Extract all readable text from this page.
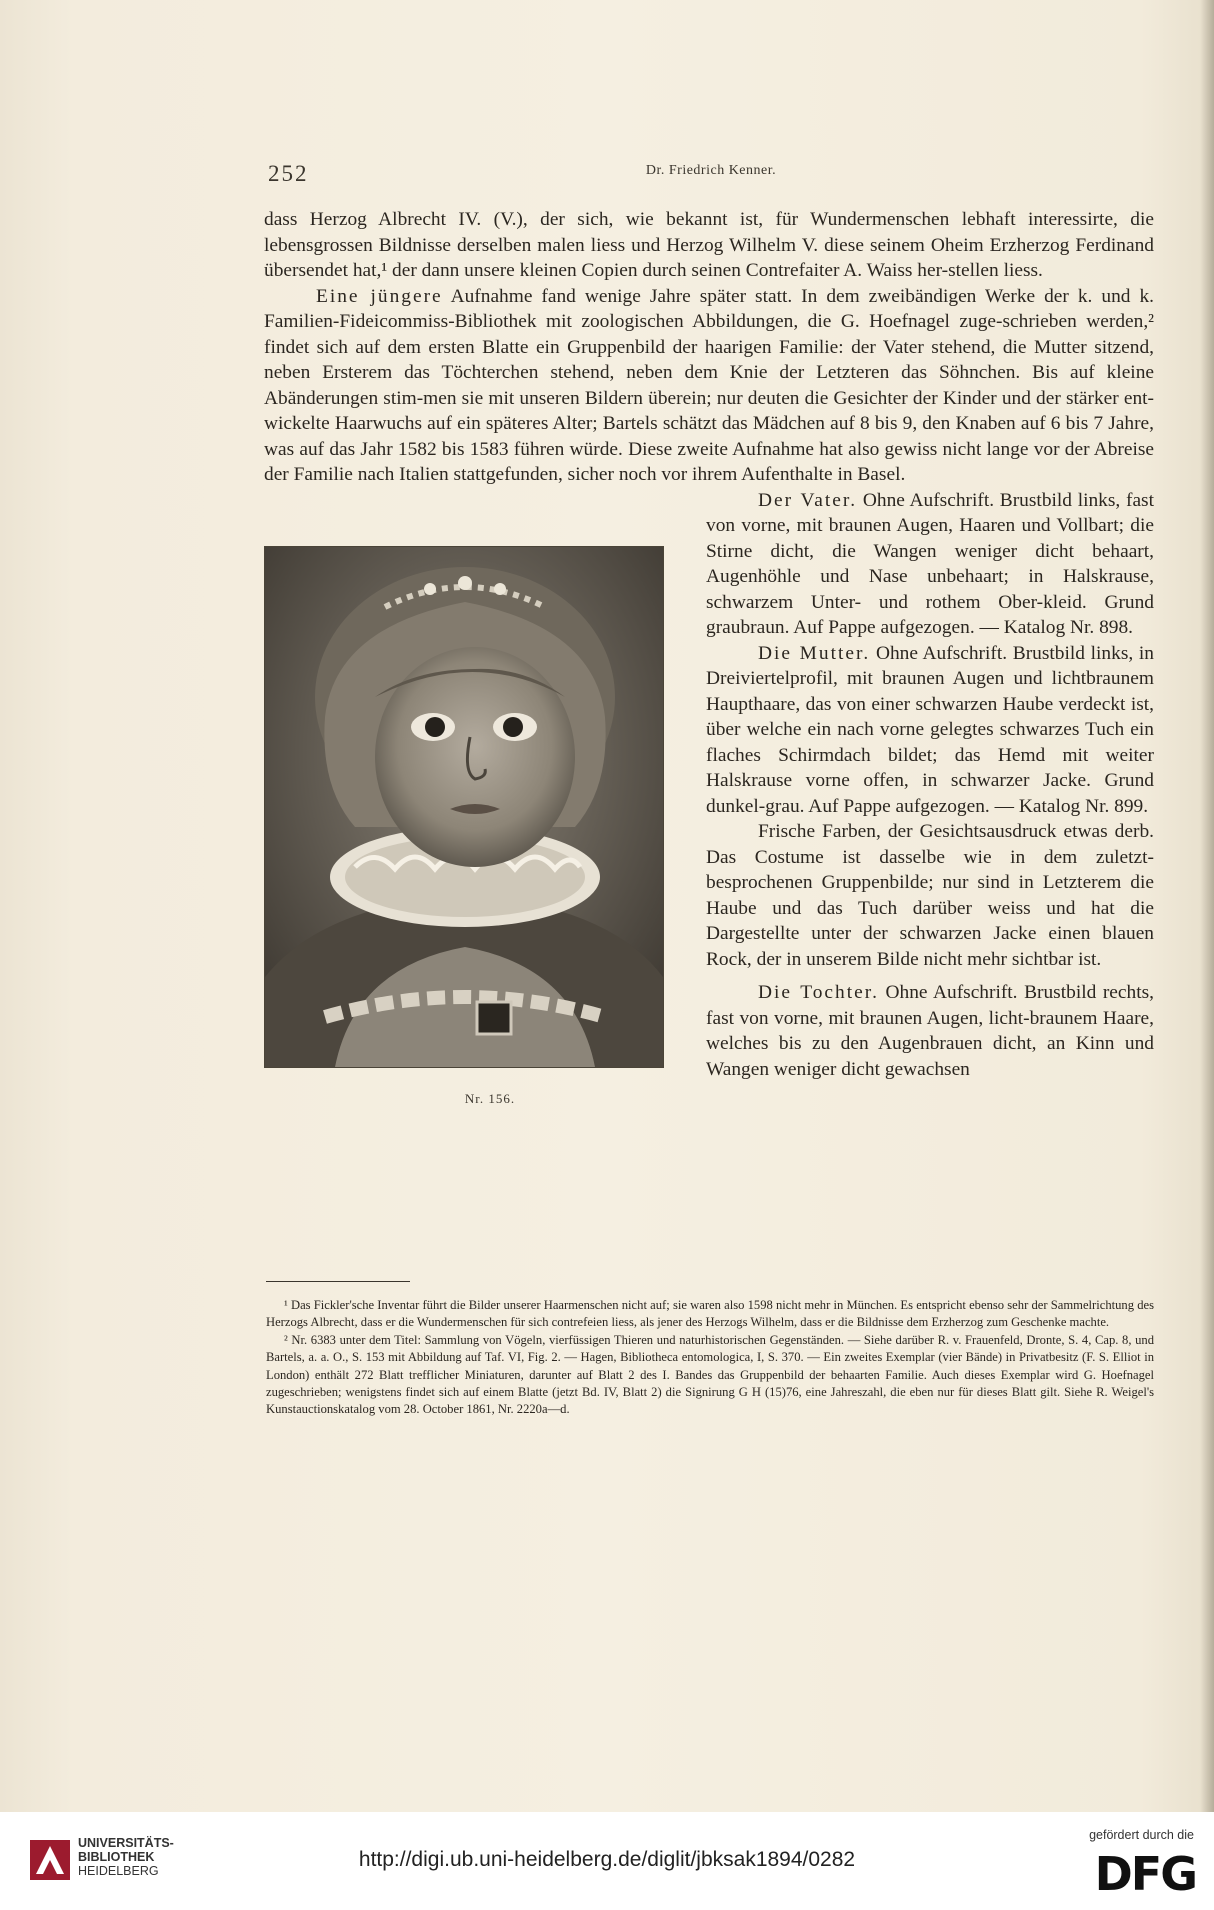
252	Dr. Friedrich Kenner.

dass Herzog Albrecht IV. (V.), der sich, wie bekannt ist, für Wundermenschen lebhaft interessirte, die lebensgrossen Bildnisse derselben malen liess und Herzog Wilhelm V. diese seinem Oheim Erzherzog Ferdinand übersendet hat,¹ der dann unsere kleinen Copien durch seinen Contrefaiter A. Waiss her-stellen liess.

Eine jüngere Aufnahme fand wenige Jahre später statt. In dem zweibändigen Werke der k. und k. Familien-Fideicommiss-Bibliothek mit zoologischen Abbildungen, die G. Hoefnagel zuge-schrieben werden,² findet sich auf dem ersten Blatte ein Gruppenbild der haarigen Familie: der Vater stehend, die Mutter sitzend, neben Ersterem das Töchterchen stehend, neben dem Knie der Letzteren das Söhnchen. Bis auf kleine Abänderungen stim-men sie mit unseren Bildern überein; nur deuten die Gesichter der Kinder und der stärker ent-wickelte Haarwuchs auf ein späteres Alter; Bartels schätzt das Mädchen auf 8 bis 9, den Knaben auf 6 bis 7 Jahre, was auf das Jahr 1582 bis 1583 führen würde. Diese zweite Aufnahme hat also gewiss nicht lange vor der Abreise der Familie nach Italien stattgefunden, sicher noch vor ihrem Aufenthalte in Basel.

Nr. 156.
Der Vater. Ohne Aufschrift. Brustbild links, fast von vorne, mit braunen Augen, Haaren und Vollbart; die Stirne dicht, die Wangen weniger dicht behaart, Augenhöhle und Nase unbehaart; in Halskrause, schwarzem Unter- und rothem Ober-kleid. Grund graubraun. Auf Pappe aufgezogen. — Katalog Nr. 898.

Die Mutter. Ohne Aufschrift. Brustbild links, in Dreiviertelprofil, mit braunen Augen und lichtbraunem Haupthaare, das von einer schwarzen Haube verdeckt ist, über welche ein nach vorne gelegtes schwarzes Tuch ein flaches Schirmdach bildet; das Hemd mit weiter Halskrause vorne offen, in schwarzer Jacke. Grund dunkel-grau. Auf Pappe aufgezogen. — Katalog Nr. 899.

Frische Farben, der Gesichtsausdruck etwas derb. Das Costume ist dasselbe wie in dem zuletzt-besprochenen Gruppenbilde; nur sind in Letzterem die Haube und das Tuch darüber weiss und hat die Dargestellte unter der schwarzen Jacke einen blauen Rock, der in unserem Bilde nicht mehr sichtbar ist.

Die Tochter. Ohne Aufschrift. Brustbild rechts, fast von vorne, mit braunen Augen, licht-braunem Haare, welches bis zu den Augenbrauen dicht, an Kinn und Wangen weniger dicht gewachsen

¹ Das Fickler'sche Inventar führt die Bilder unserer Haarmenschen nicht auf; sie waren also 1598 nicht mehr in München. Es entspricht ebenso sehr der Sammelrichtung des Herzogs Albrecht, dass er die Wundermenschen für sich contrefeien liess, als jener des Herzogs Wilhelm, dass er die Bildnisse dem Erzherzog zum Geschenke machte.

² Nr. 6383 unter dem Titel: Sammlung von Vögeln, vierfüssigen Thieren und naturhistorischen Gegenständen. — Siehe darüber R. v. Frauenfeld, Dronte, S. 4, Cap. 8, und Bartels, a. a. O., S. 153 mit Abbildung auf Taf. VI, Fig. 2. — Hagen, Bibliotheca entomologica, I, S. 370. — Ein zweites Exemplar (vier Bände) in Privatbesitz (F. S. Elliot in London) enthält 272 Blatt trefflicher Miniaturen, darunter auf Blatt 2 des I. Bandes das Gruppenbild der behaarten Familie. Auch dieses Exemplar wird G. Hoefnagel zugeschrieben; wenigstens findet sich auf einem Blatte (jetzt Bd. IV, Blatt 2) die Signirung G H (15)76, eine Jahreszahl, die eben nur für dieses Blatt gilt. Siehe R. Weigel's Kunstauctionskatalog vom 28. October 1861, Nr. 2220a—d.

UNIVERSITÄTS-
BIBLIOTHEK
HEIDELBERG	http://digi.ub.uni-heidelberg.de/diglit/jbksak1894/0282
gefördert durch die
DFG
